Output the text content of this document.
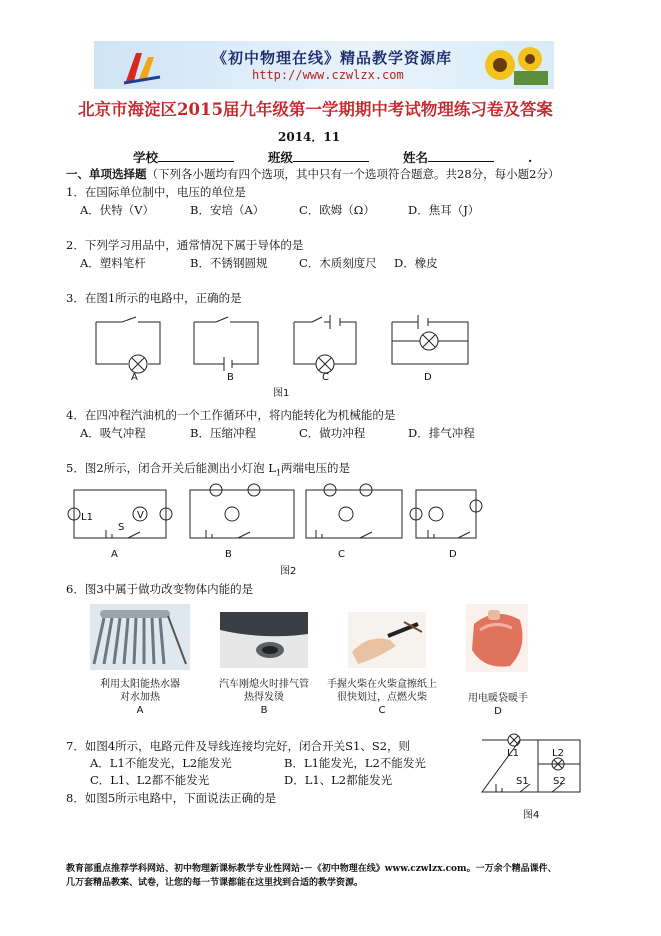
《初中物理在线》精品教学资源库
http://www.czwlzx.com
北京市海淀区2015届九年级第一学期期中考试物理练习卷及答案
2014．11
学校	班级	姓名	.
一、单项选择题（下列各小题均有四个选项，其中只有一个选项符合题意。共28分，每小题2分）
1．在国际单位制中，电压的单位是
A．伏特（V）	B．安培（A）	C．欧姆（Ω）	D．焦耳（J）
2．下列学习用品中，通常情况下属于导体的是
A．塑料笔杆	B．不锈钢圆规	C．木质刻度尺 D．橡皮
3．在图1所示的电路中，正确的是
A	B	C	D
图1
4．在四冲程汽油机的一个工作循环中，将内能转化为机械能的是
A．吸气冲程	B．压缩冲程	C．做功冲程	D．排气冲程
5．图2所示，闭合开关后能测出小灯泡 $L_1$两端电压的是
L1
S
V
A	B	C	D
图2
6．图3中属于做功改变物体内能的是
利用太阳能热水器
对水加热
A
汽车刚熄火时排气管
热得发烫
B
手握火柴在火柴盒擦纸上
很快划过，点燃火柴
C
用电暖袋暖手
D
7．如图4所示，电路元件及导线连接均完好，闭合开关S1、S2，则
A．L1不能发光，L2能发光	B．L1能发光，L2不能发光
C．L1、L2都不能发光	D．L1、L2都能发光
L1	L2
S1 S2
图4
8．如图5所示电路中，下面说法正确的是
教育部重点推荐学科网站、初中物理新课标教学专业性网站-－《初中物理在线》www.czwlzx.com。一万余个精品课件、
几万套精品教案、试卷，让您的每一节课都能在这里找到合适的教学资源。
